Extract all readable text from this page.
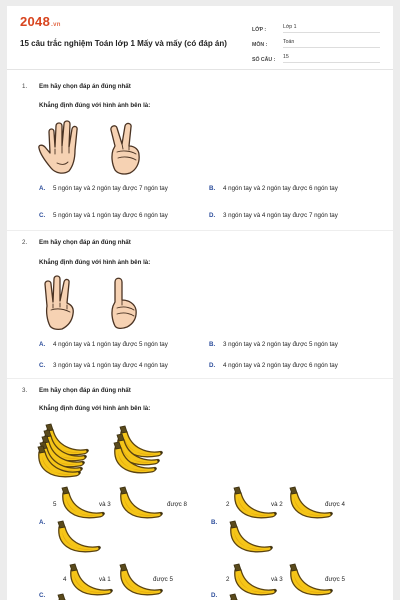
2048.vn
15 câu trắc nghiệm Toán lớp 1 Mấy và mấy (có đáp án)
LỚP :	Lớp 1
MÔN :	Toán
SỐ CÂU :	15
1. Em hãy chọn đáp án đúng nhất
Khẳng định đúng với hình ảnh bên là:
A.	5 ngón tay và 2 ngón tay được 7 ngón tay	B.	4 ngón tay và 2 ngón tay được 6 ngón tay
C.	5 ngón tay và 1 ngón tay được 6 ngón tay	D.	3 ngón tay và 4 ngón tay được 7 ngón tay
2. Em hãy chọn đáp án đúng nhất
Khẳng định đúng với hình ảnh bên là:
A.	4 ngón tay và 1 ngón tay được 5 ngón tay	B.	3 ngón tay và 2 ngón tay được 5 ngón tay
C.	3 ngón tay và 1 ngón tay được 4 ngón tay	D.	4 ngón tay và 2 ngón tay được 6 ngón tay
3. Em hãy chọn đáp án đúng nhất
Khẳng định đúng với hình ảnh bên là:
5	và 3	được 8
A.
2	và 2	được 4
B.
4	và 1	được 5
C.
2	và 3	được 5
D.
